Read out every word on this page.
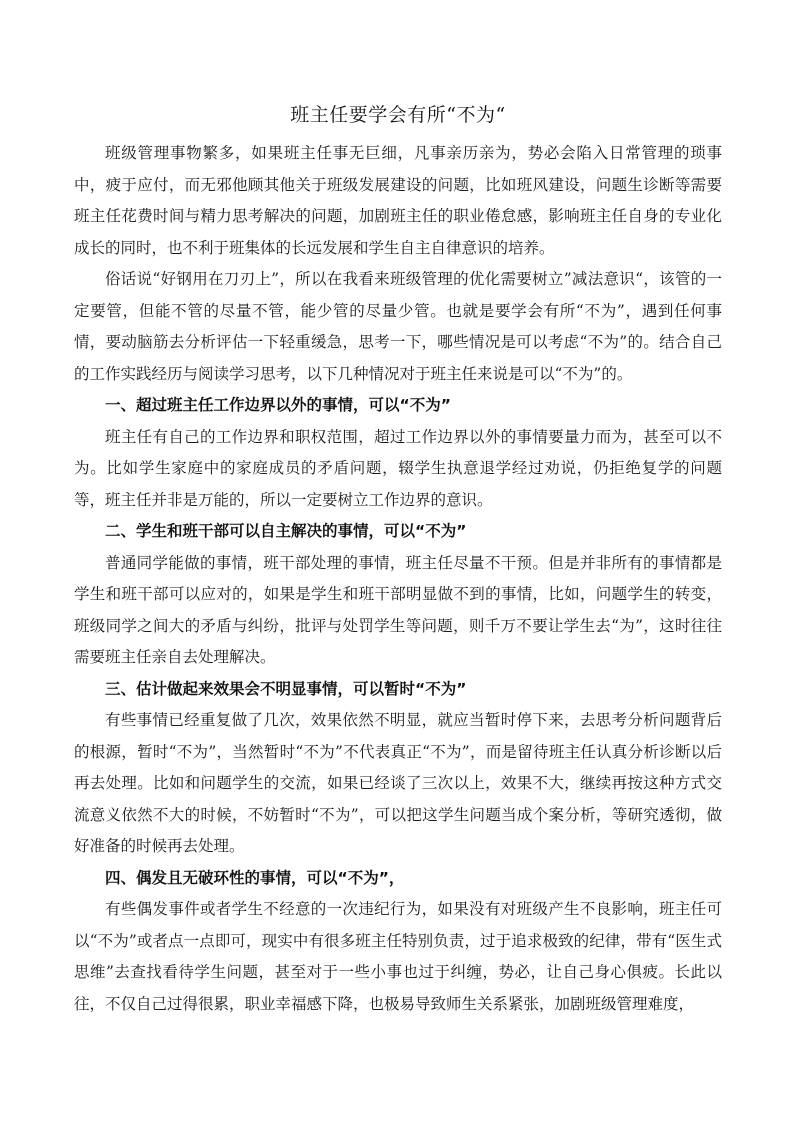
班主任要学会有所“不为“

班级管理事物繁多，如果班主任事无巨细，凡事亲历亲为，势必会陷入日常管理的琐事中，疲于应付，而无邪他顾其他关于班级发展建设的问题，比如班风建设，问题生诊断等需要班主任花费时间与精力思考解决的问题，加剧班主任的职业倦怠感，影响班主任自身的专业化成长的同时，也不利于班集体的长远发展和学生自主自律意识的培养。

俗话说“好钢用在刀刃上”，所以在我看来班级管理的优化需要树立”减法意识“，该管的一定要管，但能不管的尽量不管，能少管的尽量少管。也就是要学会有所“不为”，遇到任何事情，要动脑筋去分析评估一下轻重缓急，思考一下，哪些情况是可以考虑“不为”的。结合自己的工作实践经历与阅读学习思考，以下几种情况对于班主任来说是可以“不为”的。

一、超过班主任工作边界以外的事情，可以“不为”

班主任有自己的工作边界和职权范围，超过工作边界以外的事情要量力而为，甚至可以不为。比如学生家庭中的家庭成员的矛盾问题，辍学生执意退学经过劝说，仍拒绝复学的问题等，班主任并非是万能的，所以一定要树立工作边界的意识。

二、学生和班干部可以自主解决的事情，可以“不为”

普通同学能做的事情，班干部处理的事情，班主任尽量不干预。但是并非所有的事情都是学生和班干部可以应对的，如果是学生和班干部明显做不到的事情，比如，问题学生的转变，班级同学之间大的矛盾与纠纷，批评与处罚学生等问题，则千万不要让学生去“为”，这时往往需要班主任亲自去处理解决。

三、估计做起来效果会不明显事情，可以暂时“不为”

有些事情已经重复做了几次，效果依然不明显，就应当暂时停下来，去思考分析问题背后的根源，暂时“不为”，当然暂时“不为”不代表真正“不为”，而是留待班主任认真分析诊断以后再去处理。比如和问题学生的交流，如果已经谈了三次以上，效果不大，继续再按这种方式交流意义依然不大的时候，不妨暂时“不为”，可以把这学生问题当成个案分析，等研究透彻，做好准备的时候再去处理。

四、偶发且无破环性的事情，可以“不为”，

有些偶发事件或者学生不经意的一次违纪行为，如果没有对班级产生不良影响，班主任可以“不为”或者点一点即可，现实中有很多班主任特别负责，过于追求极致的纪律，带有“医生式思维”去查找看待学生问题，甚至对于一些小事也过于纠缠，势必，让自己身心俱疲。长此以往，不仅自己过得很累，职业幸福感下降，也极易导致师生关系紧张，加剧班级管理难度，
